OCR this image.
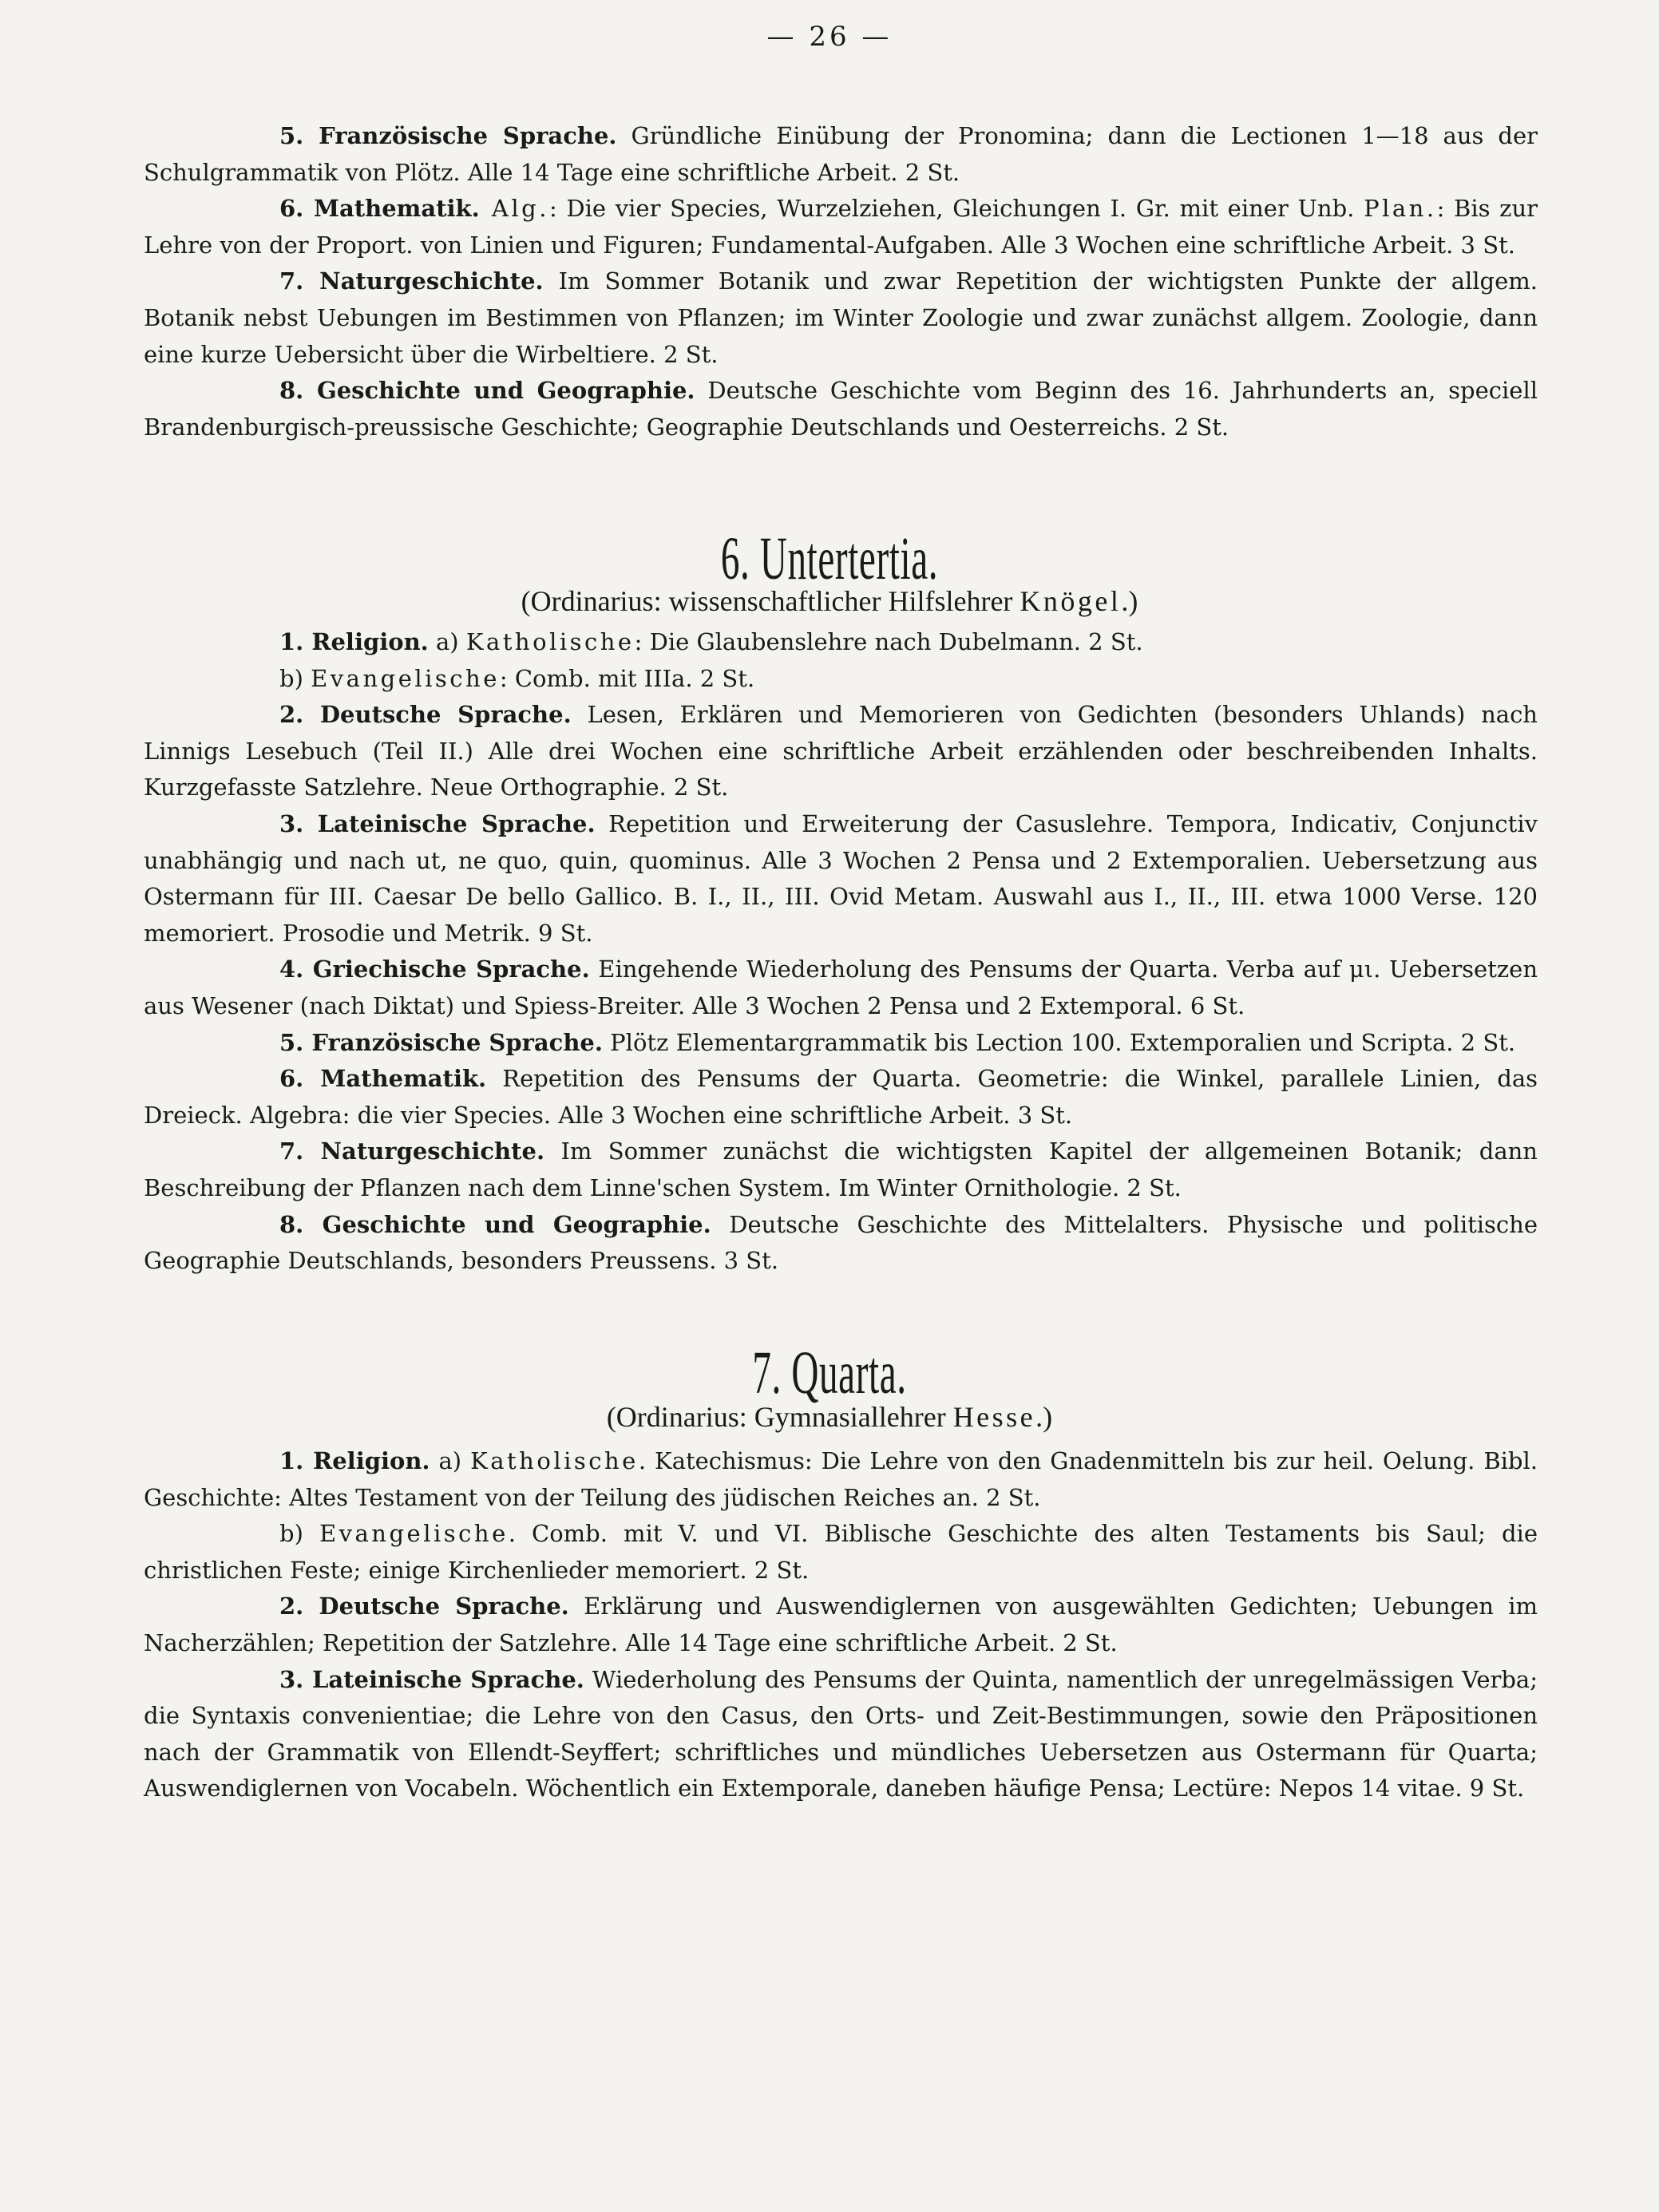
— 26 —

5. Französische Sprache. Gründliche Einübung der Pronomina; dann die Lectionen 1—18 aus der Schulgrammatik von Plötz. Alle 14 Tage eine schriftliche Arbeit. 2 St.

6. Mathematik. Alg.: Die vier Species, Wurzelziehen, Gleichungen I. Gr. mit einer Unb. Plan.: Bis zur Lehre von der Proport. von Linien und Figuren; Fundamental-Aufgaben. Alle 3 Wochen eine schriftliche Arbeit. 3 St.

7. Naturgeschichte. Im Sommer Botanik und zwar Repetition der wichtigsten Punkte der allgem. Botanik nebst Uebungen im Bestimmen von Pflanzen; im Winter Zoologie und zwar zunächst allgem. Zoologie, dann eine kurze Uebersicht über die Wirbeltiere. 2 St.

8. Geschichte und Geographie. Deutsche Geschichte vom Beginn des 16. Jahrhunderts an, speciell Brandenburgisch-preussische Geschichte; Geographie Deutschlands und Oesterreichs. 2 St.

6. Untertertia.
(Ordinarius: wissenschaftlicher Hilfslehrer Knögel.)

1. Religion. a) Katholische: Die Glaubenslehre nach Dubelmann. 2 St.

b) Evangelische: Comb. mit IIIa. 2 St.

2. Deutsche Sprache. Lesen, Erklären und Memorieren von Gedichten (besonders Uhlands) nach Linnigs Lesebuch (Teil II.) Alle drei Wochen eine schriftliche Arbeit erzählenden oder beschreibenden Inhalts. Kurzgefasste Satzlehre. Neue Orthographie. 2 St.

3. Lateinische Sprache. Repetition und Erweiterung der Casuslehre. Tempora, Indicativ, Conjunctiv unabhängig und nach ut, ne quo, quin, quominus. Alle 3 Wochen 2 Pensa und 2 Extemporalien. Uebersetzung aus Ostermann für III. Caesar De bello Gallico. B. I., II., III. Ovid Metam. Auswahl aus I., II., III. etwa 1000 Verse. 120 memoriert. Prosodie und Metrik. 9 St.

4. Griechische Sprache. Eingehende Wiederholung des Pensums der Quarta. Verba auf μι. Uebersetzen aus Wesener (nach Diktat) und Spiess-Breiter. Alle 3 Wochen 2 Pensa und 2 Extemporal. 6 St.

5. Französische Sprache. Plötz Elementargrammatik bis Lection 100. Extemporalien und Scripta. 2 St.

6. Mathematik. Repetition des Pensums der Quarta. Geometrie: die Winkel, parallele Linien, das Dreieck. Algebra: die vier Species. Alle 3 Wochen eine schriftliche Arbeit. 3 St.

7. Naturgeschichte. Im Sommer zunächst die wichtigsten Kapitel der allgemeinen Botanik; dann Beschreibung der Pflanzen nach dem Linne'schen System. Im Winter Ornithologie. 2 St.

8. Geschichte und Geographie. Deutsche Geschichte des Mittelalters. Physische und politische Geographie Deutschlands, besonders Preussens. 3 St.

7. Quarta.
(Ordinarius: Gymnasiallehrer Hesse.)

1. Religion. a) Katholische. Katechismus: Die Lehre von den Gnadenmitteln bis zur heil. Oelung. Bibl. Geschichte: Altes Testament von der Teilung des jüdischen Reiches an. 2 St.

b) Evangelische. Comb. mit V. und VI. Biblische Geschichte des alten Testaments bis Saul; die christlichen Feste; einige Kirchenlieder memoriert. 2 St.

2. Deutsche Sprache. Erklärung und Auswendiglernen von ausgewählten Gedichten; Uebungen im Nacherzählen; Repetition der Satzlehre. Alle 14 Tage eine schriftliche Arbeit. 2 St.

3. Lateinische Sprache. Wiederholung des Pensums der Quinta, namentlich der unregelmässigen Verba; die Syntaxis convenientiae; die Lehre von den Casus, den Orts- und Zeit-Bestimmungen, sowie den Präpositionen nach der Grammatik von Ellendt-Seyffert; schriftliches und mündliches Uebersetzen aus Ostermann für Quarta; Auswendiglernen von Vocabeln. Wöchentlich ein Extemporale, daneben häufige Pensa; Lectüre: Nepos 14 vitae. 9 St.
